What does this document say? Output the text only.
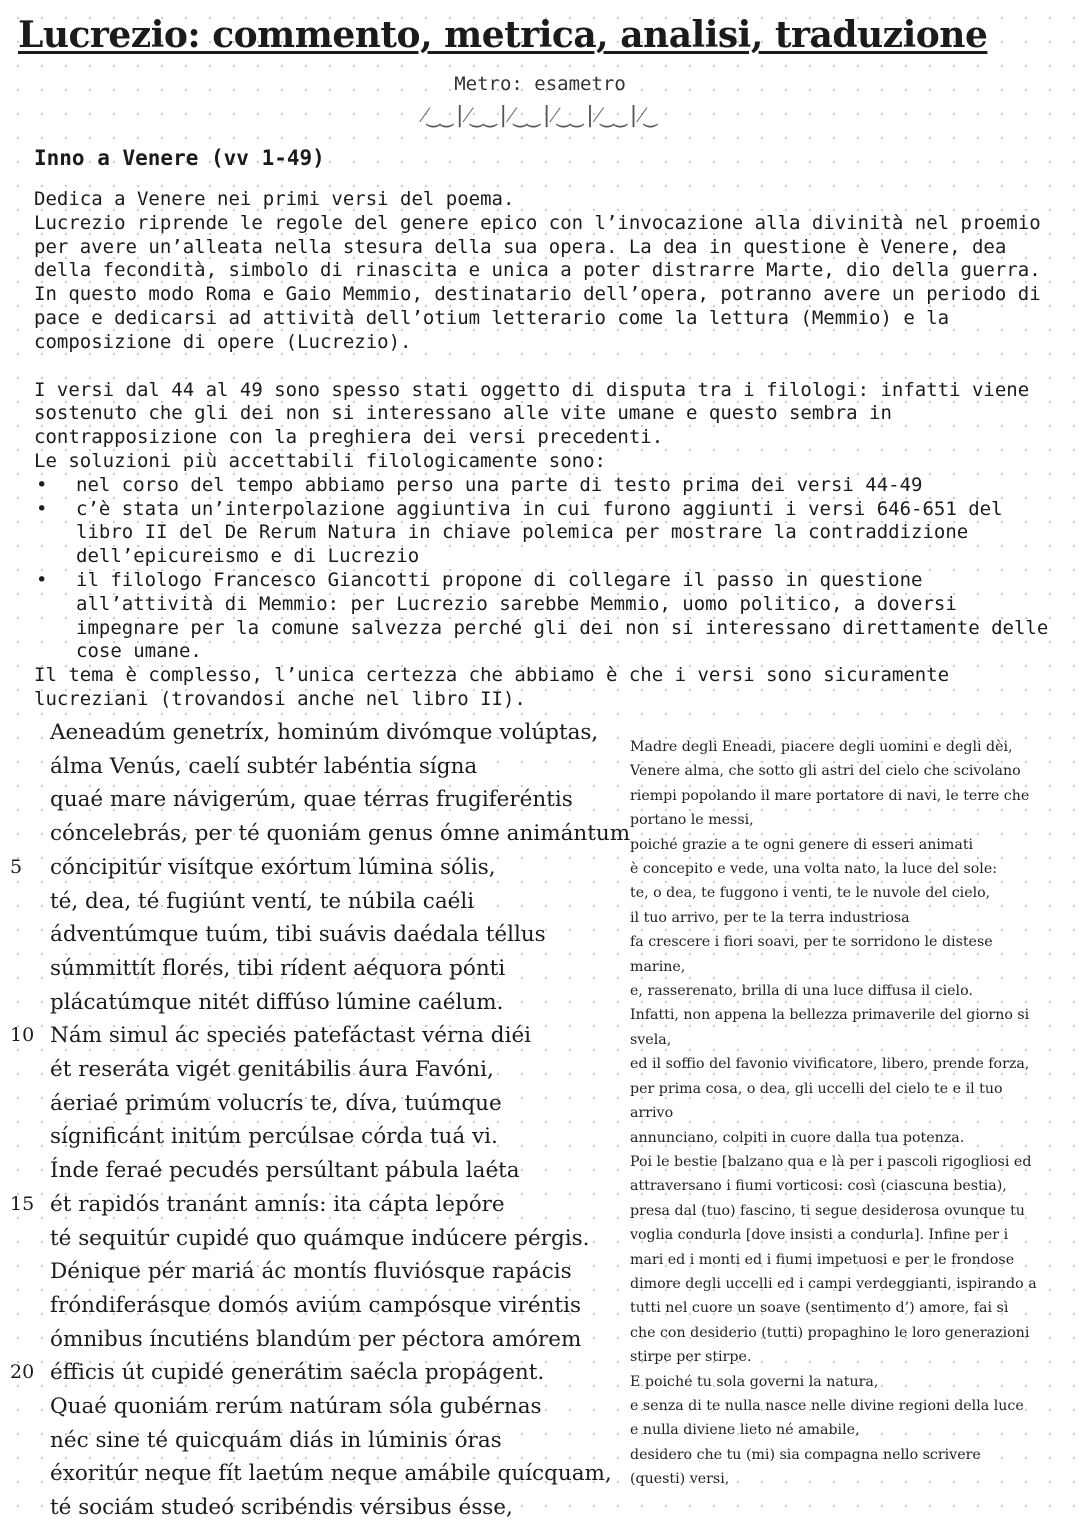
Lucrezio: commento, metrica, analisi, traduzione
Metro: esametro
⁄‿‿|⁄‿‿|⁄‿‿|⁄‿‿|⁄‿‿|⁄‿
Inno a Venere (vv 1-49)

Dedica a Venere nei primi versi del poema.

Lucrezio riprende le regole del genere epico con l’invocazione alla divinità nel proemio per avere un’alleata nella stesura della sua opera. La dea in questione è Venere, dea della fecondità, simbolo di rinascita e unica a poter distrarre Marte, dio della guerra.

In questo modo Roma e Gaio Memmio, destinatario dell’opera, potranno avere un periodo di pace e dedicarsi ad attività dell’otium letterario come la lettura (Memmio) e la composizione di opere (Lucrezio).

I versi dal 44 al 49 sono spesso stati oggetto di disputa tra i filologi: infatti viene sostenuto che gli dei non si interessano alle vite umane e questo sembra in contrapposizione con la preghiera dei versi precedenti.

Le soluzioni più accettabili filologicamente sono:

• nel corso del tempo abbiamo perso una parte di testo prima dei versi 44-49
• c’è stata un’interpolazione aggiuntiva in cui furono aggiunti i versi 646-651 del libro II del De Rerum Natura in chiave polemica per mostrare la contraddizione dell’epicureismo e di Lucrezio
• il filologo Francesco Giancotti propone di collegare il passo in questione all’attività di Memmio: per Lucrezio sarebbe Memmio, uomo politico, a doversi impegnare per la comune salvezza perché gli dei non si interessano direttamente delle cose umane.

Il tema è complesso, l’unica certezza che abbiamo è che i versi sono sicuramente lucreziani (trovandosi anche nel libro II).

Aeneadúm genetríx, hominúm divómque volúptas,
álma Venús, caelí subtér labéntia sígna
quaé mare návigerúm, quae térras frugiferéntis
cóncelebrás, per té quoniám genus ómne animántum
5	cóncipitúr visítque exórtum lúmina sólis,
té, dea, té fugiúnt ventí, te núbila caéli
ádventúmque tuúm, tibi suávis daédala téllus
súmmittít florés, tibi rídent aéquora pónti
plácatúmque nitét diffúso lúmine caélum.
10 Nám simul ác speciés patefáctast vérna diéi
ét reseráta vigét genitábilis áura Favóni,
áeriaé primúm volucrís te, díva, tuúmque
sígnificánt initúm percúlsae córda tuá vi.
Índe feraé pecudés persúltant pábula laéta
15 ét rapidós tranánt amnís: ita cápta lepóre
té sequitúr cupidé quo quámque indúcere pérgis.
Dénique pér mariá ác montís fluviósque rapácis
fróndiferásque domós aviúm campósque viréntis
ómnibus íncutiéns blandúm per péctora amórem
20 éfficis út cupidé generátim saécla propágent.
Quaé quoniám rerúm natúram sóla gubérnas
néc sine té quicquám diás in lúminis óras
éxoritúr neque fít laetúm neque amábile quícquam,
té sociám studeó scribéndis vérsibus ésse,
Madre degli Eneadi, piacere degli uomini e degli dèi,
Venere alma, che sotto gli astri del cielo che scivolano
riempi popolando il mare portatore di navi, le terre che
portano le messi,
poiché grazie a te ogni genere di esseri animati
è concepito e vede, una volta nato, la luce del sole:
te, o dea, te fuggono i venti, te le nuvole del cielo,
il tuo arrivo, per te la terra industriosa
fa crescere i fiori soavi, per te sorridono le distese
marine,
e, rasserenato, brilla di una luce diffusa il cielo.
Infatti, non appena la bellezza primaverile del giorno si
svela,
ed il soffio del favonio vivificatore, libero, prende forza,
per prima cosa, o dea, gli uccelli del cielo te e il tuo
arrivo
annunciano, colpiti in cuore dalla tua potenza.
Poi le bestie [balzano qua e là per i pascoli rigogliosi ed
attraversano i fiumi vorticosi: così (ciascuna bestia),
presa dal (tuo) fascino, ti segue desiderosa ovunque tu
voglia condurla [dove insisti a condurla]. Infine per i
mari ed i monti ed i fiumi impetuosi e per le frondose
dimore degli uccelli ed i campi verdeggianti, ispirando a
tutti nel cuore un soave (sentimento d’) amore, fai sì
che con desiderio (tutti) propaghino le loro generazioni
stirpe per stirpe.
E poiché tu sola governi la natura,
e senza di te nulla nasce nelle divine regioni della luce
e nulla diviene lieto né amabile,
desidero che tu (mi) sia compagna nello scrivere
(questi) versi,
